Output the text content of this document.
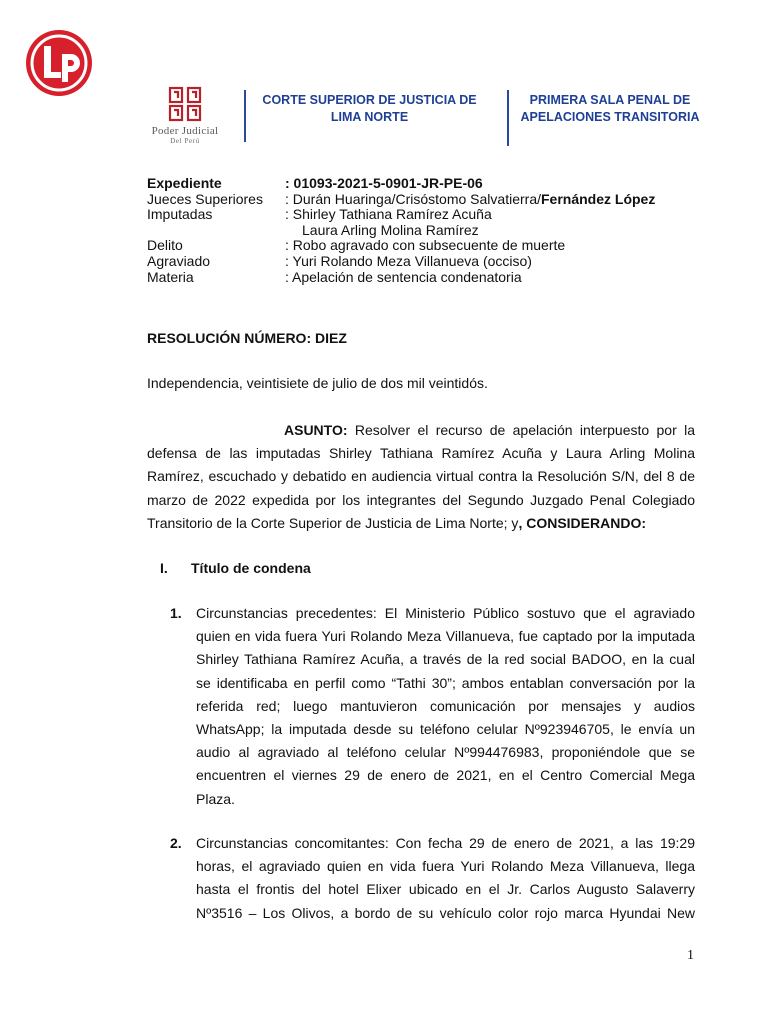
Poder Judicial
Del Perú
CORTE SUPERIOR DE JUSTICIA DE
LIMA NORTE
PRIMERA SALA PENAL DE
APELACIONES TRANSITORIA
Expediente	: 01093-2021-5-0901-JR-PE-06
Jueces Superiores : Durán Huaringa/Crisóstomo Salvatierra/Fernández López
Imputadas	: Shirley Tathiana Ramírez Acuña
Laura Arling Molina Ramírez
Delito	: Robo agravado con subsecuente de muerte
Agraviado	: Yuri Rolando Meza Villanueva (occiso)
Materia	: Apelación de sentencia condenatoria
RESOLUCIÓN NÚMERO: DIEZ
Independencia, veintisiete de julio de dos mil veintidós.
ASUNTO: Resolver el recurso de apelación interpuesto por la
defensa de las imputadas Shirley Tathiana Ramírez Acuña y Laura Arling Molina
Ramírez, escuchado y debatido en audiencia virtual contra la Resolución S/N, del 8 de
marzo de 2022 expedida por los integrantes del Segundo Juzgado Penal Colegiado
Transitorio de la Corte Superior de Justicia de Lima Norte; y, CONSIDERANDO:
I. Título de condena
1. Circunstancias precedentes: El Ministerio Público sostuvo que el agraviado
quien en vida fuera Yuri Rolando Meza Villanueva, fue captado por la imputada
Shirley Tathiana Ramírez Acuña, a través de la red social BADOO, en la cual
se identificaba en perfil como “Tathi 30”; ambos entablan conversación por la
referida red; luego mantuvieron comunicación por mensajes y audios
WhatsApp; la imputada desde su teléfono celular Nº923946705, le envía un
audio al agraviado al teléfono celular Nº994476983, proponiéndole que se
encuentren el viernes 29 de enero de 2021, en el Centro Comercial Mega
Plaza.
2. Circunstancias concomitantes: Con fecha 29 de enero de 2021, a las 19:29
horas, el agraviado quien en vida fuera Yuri Rolando Meza Villanueva, llega
hasta el frontis del hotel Elixer ubicado en el Jr. Carlos Augusto Salaverry
Nº3516 – Los Olivos, a bordo de su vehículo color rojo marca Hyundai New
1
